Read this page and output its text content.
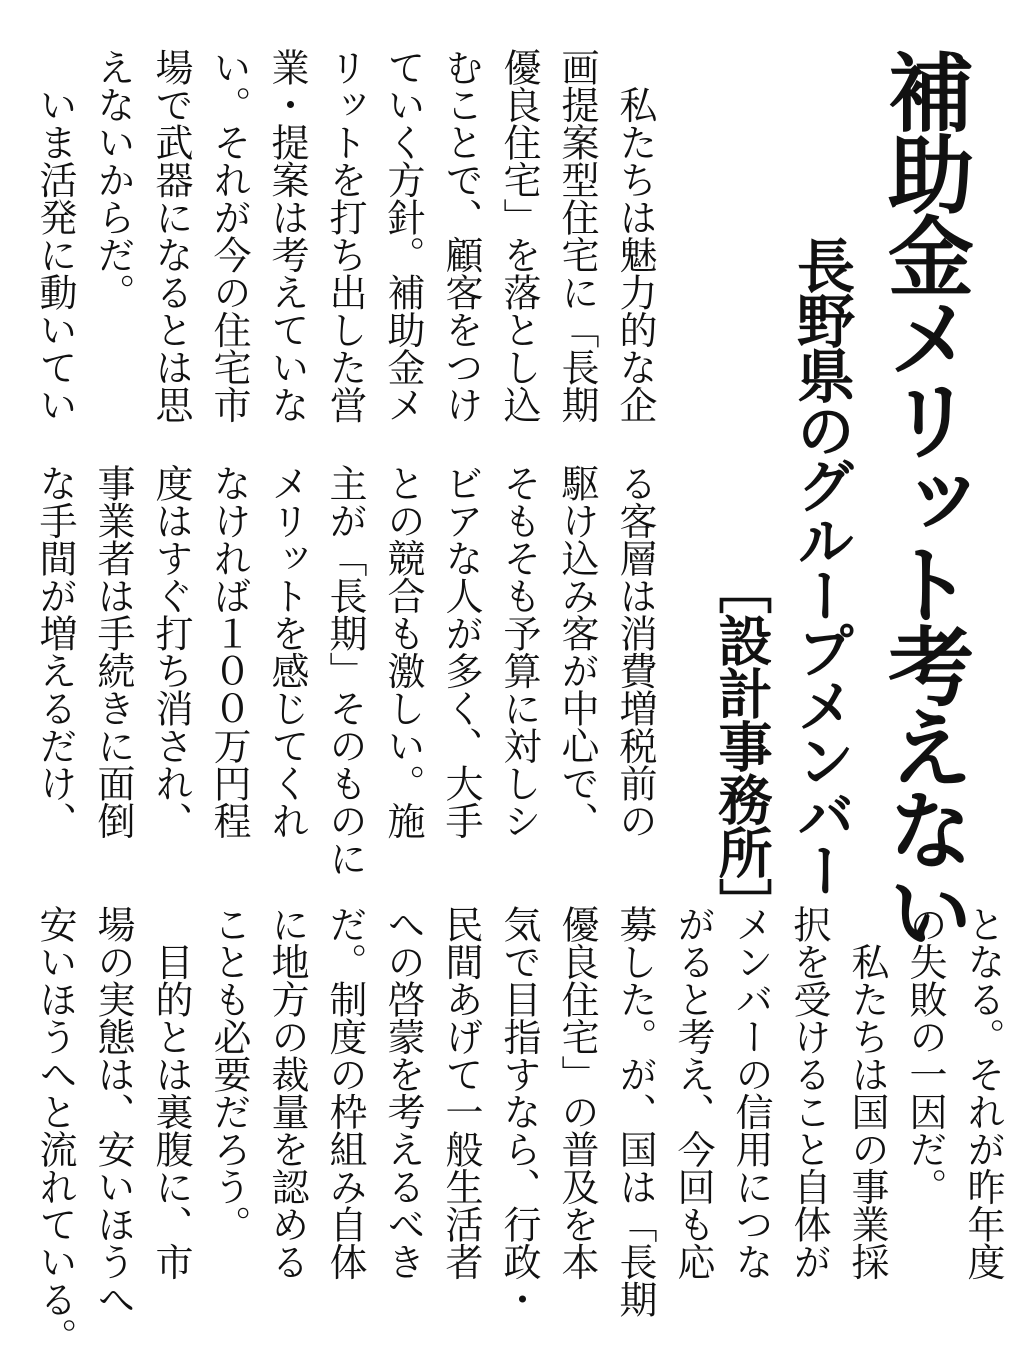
補助金メリット考えない
長野県のグループメンバー
［設計事務所］
　私たちは魅力的な企
画提案型住宅に「長期
優良住宅」を落とし込
むことで、顧客をつけ
ていく方針。補助金メ
リットを打ち出した営
業・提案は考えていな
い。それが今の住宅市
場で武器になるとは思
えないからだ。
　いま活発に動いてい
る客層は消費増税前の
駆け込み客が中心で、
そもそも予算に対しシ
ビアな人が多く、大手
との競合も激しい。施
主が「長期」そのものに
メリットを感じてくれ
なければ１００万円程
度はすぐ打ち消され、
事業者は手続きに面倒
な手間が増えるだけ、
となる。それが昨年度
の失敗の一因だ。
　私たちは国の事業採
択を受けること自体が
メンバーの信用につな
がると考え、今回も応
募した。が、国は「長期
優良住宅」の普及を本
気で目指すなら、行政・
民間あげて一般生活者
への啓蒙を考えるべき
だ。制度の枠組み自体
に地方の裁量を認める
ことも必要だろう。
　目的とは裏腹に、市
場の実態は、安いほうへ
安いほうへと流れている。
